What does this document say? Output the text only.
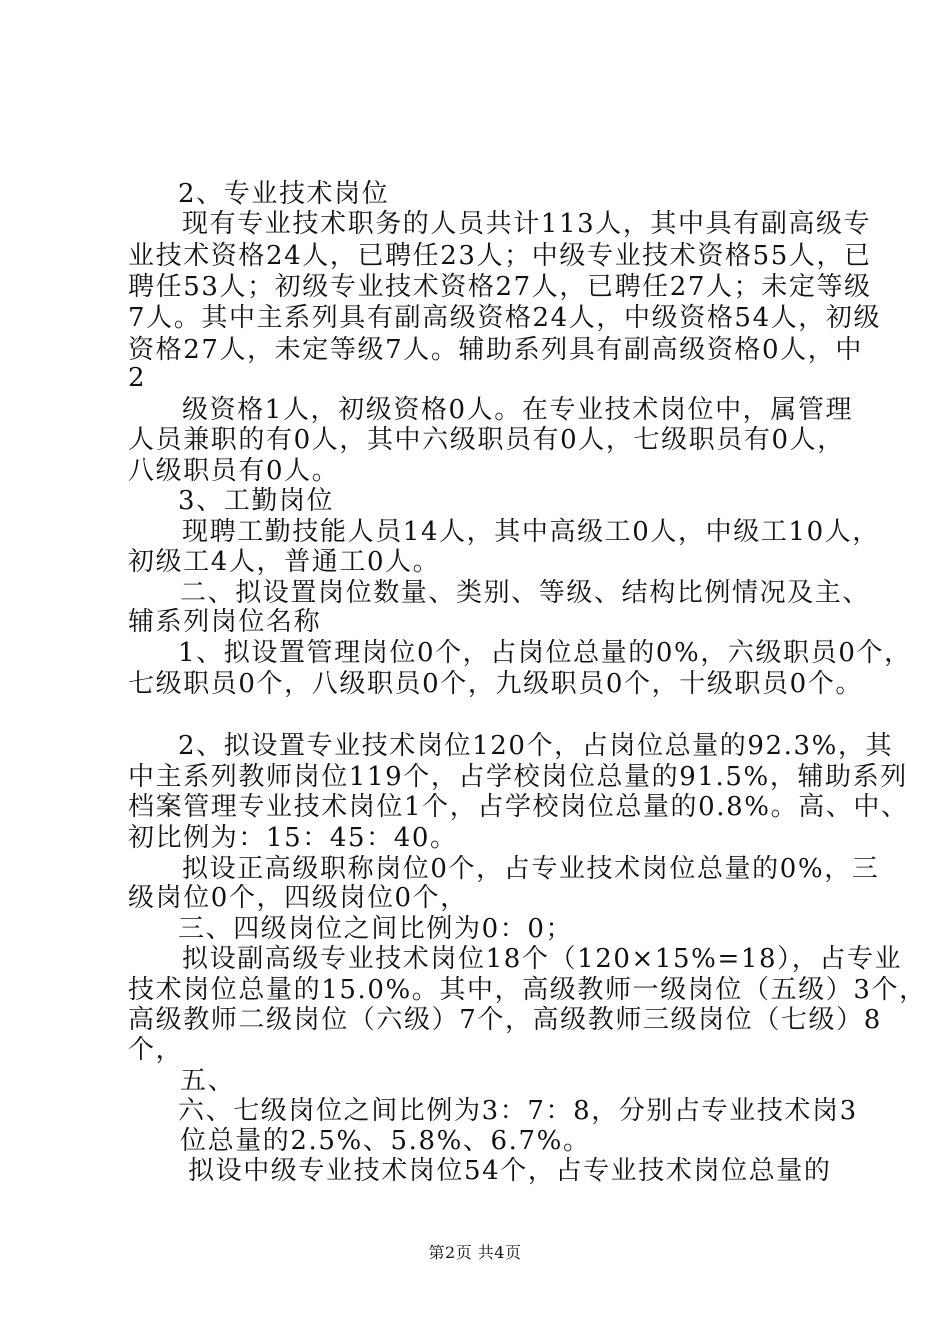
2、专业技术岗位
现有专业技术职务的人员共计113人，其中具有副高级专
业技术资格24人，已聘任23人；中级专业技术资格55人，已
聘任53人；初级专业技术资格27人，已聘任27人；未定等级
7人。其中主系列具有副高级资格24人，中级资格54人，初级
资格27人，未定等级7人。辅助系列具有副高级资格0人，中
2
级资格1人，初级资格0人。在专业技术岗位中，属管理
人员兼职的有0人，其中六级职员有0人，七级职员有0人，
八级职员有0人。
3、工勤岗位
现聘工勤技能人员14人，其中高级工0人，中级工10人，
初级工4人，普通工0人。
二、拟设置岗位数量、类别、等级、结构比例情况及主、
辅系列岗位名称
1、拟设置管理岗位0个，占岗位总量的0%，六级职员0个，
七级职员0个，八级职员0个，九级职员0个，十级职员0个。
2、拟设置专业技术岗位120个，占岗位总量的92.3%，其
中主系列教师岗位119个，占学校岗位总量的91.5%，辅助系列
档案管理专业技术岗位1个，占学校岗位总量的0.8%。高、中、
初比例为：15：45：40。
拟设正高级职称岗位0个，占专业技术岗位总量的0%，三
级岗位0个，四级岗位0个，
三、四级岗位之间比例为0：0；
拟设副高级专业技术岗位18个（120×15%=18），占专业
技术岗位总量的15.0%。其中，高级教师一级岗位（五级）3个，
高级教师二级岗位（六级）7个，高级教师三级岗位（七级）8
个，
五、
六、七级岗位之间比例为3：7：8，分别占专业技术岗3
位总量的2.5%、5.8%、6.7%。
拟设中级专业技术岗位54个，占专业技术岗位总量的
第2页 共4页
